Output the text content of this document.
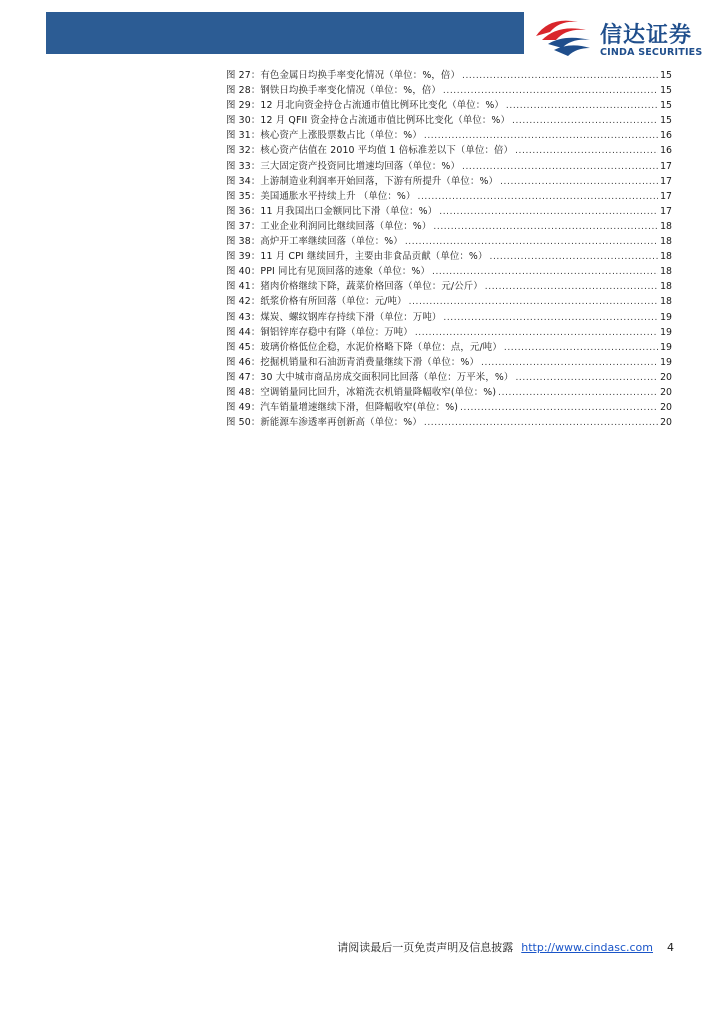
信达证券
CINDA SECURITIES
图 27：有色金属日均换手率变化情况（单位：%，倍） .....	15
图 28：钢铁日均换手率变化情况（单位：%，倍） .....	15
图 29：12 月北向资金持仓占流通市值比例环比变化（单位：%） .....	15
图 30：12 月 QFII 资金持仓占流通市值比例环比变化（单位：%） .....	15
图 31：核心资产上涨股票数占比（单位：%） .....	16
图 32：核心资产估值在 2010 平均值 1 倍标准差以下（单位：倍） .....	16
图 33：三大固定资产投资同比增速均回落（单位：%） .....	17
图 34：上游制造业利润率开始回落，下游有所提升（单位：%） .....	17
图 35：美国通胀水平持续上升 （单位：%） .....	17
图 36：11 月我国出口金额同比下滑（单位：%） .....	17
图 37：工业企业利润同比继续回落（单位：%） .....	18
图 38：高炉开工率继续回落（单位：%） .....	18
图 39：11 月 CPI 继续回升，主要由非食品贡献（单位：%） .....	18
图 40：PPI 同比有见顶回落的迹象（单位：%） .....	18
图 41：猪肉价格继续下降，蔬菜价格回落（单位：元/公斤） .....	18
图 42：纸浆价格有所回落（单位：元/吨） .....	18
图 43：煤炭、螺纹钢库存持续下滑（单位：万吨） .....	19
图 44：铜铝锌库存稳中有降（单位：万吨） .....	19
图 45：玻璃价格低位企稳，水泥价格略下降（单位：点，元/吨） .....	19
图 46：挖掘机销量和石油沥青消费量继续下滑（单位：%） .....	19
图 47：30 大中城市商品房成交面积同比回落（单位：万平米，%） .....	20
图 48：空调销量同比回升，冰箱洗衣机销量降幅收窄(单位：%) .....	20
图 49：汽车销量增速继续下滑，但降幅收窄(单位：%) .....	20
图 50：新能源车渗透率再创新高（单位：%） .....	20
请阅读最后一页免责声明及信息披露 http://www.cindasc.com 4
